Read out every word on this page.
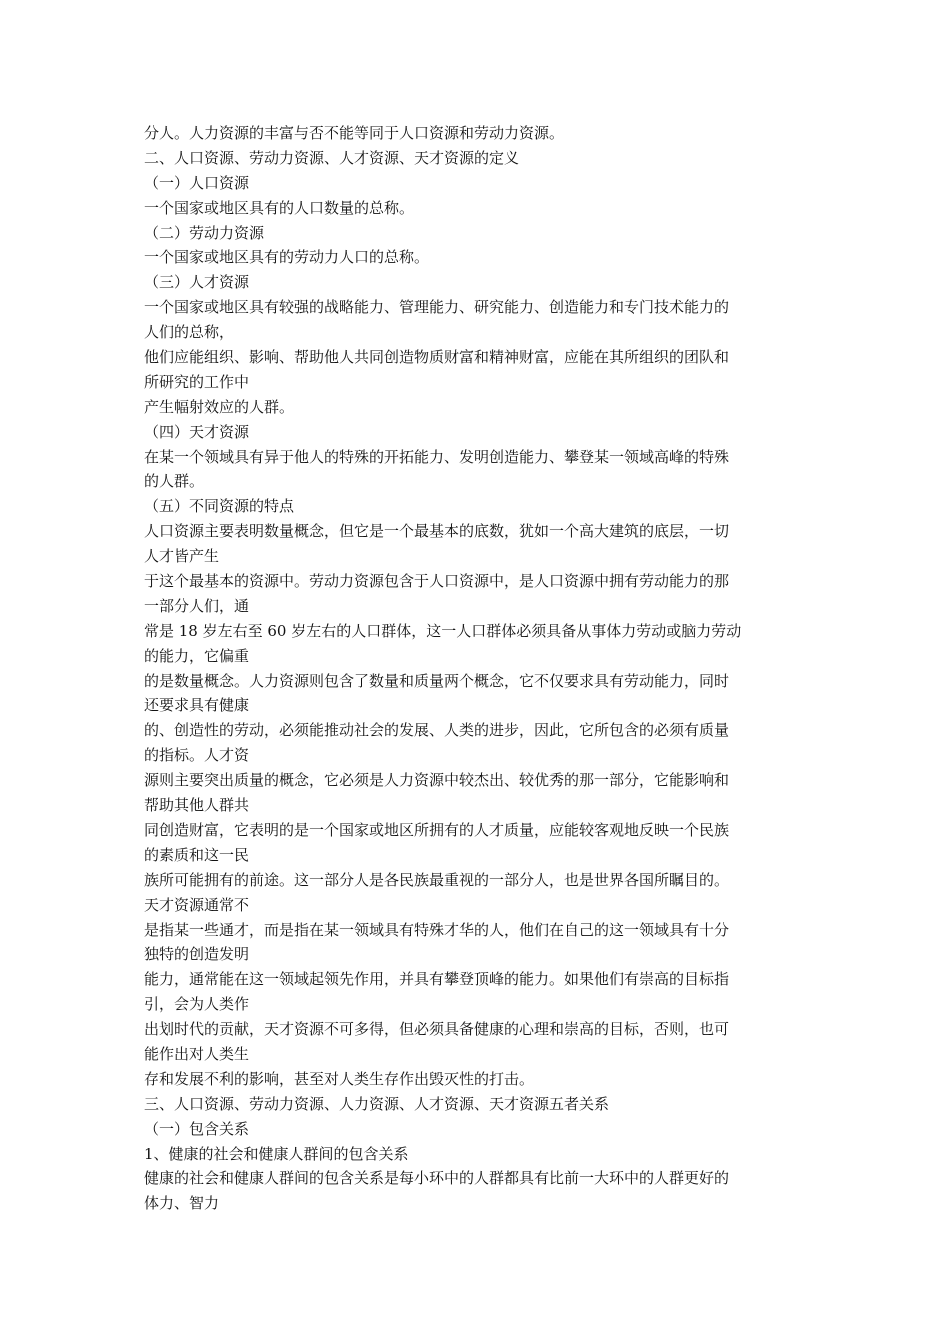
分人。人力资源的丰富与否不能等同于人口资源和劳动力资源。
二、人口资源、劳动力资源、人才资源、天才资源的定义
（一）人口资源
一个国家或地区具有的人口数量的总称。
（二）劳动力资源
一个国家或地区具有的劳动力人口的总称。
（三）人才资源
一个国家或地区具有较强的战略能力、管理能力、研究能力、创造能力和专门技术能力的
人们的总称，
他们应能组织、影响、帮助他人共同创造物质财富和精神财富，应能在其所组织的团队和
所研究的工作中
产生幅射效应的人群。
（四）天才资源
在某一个领域具有异于他人的特殊的开拓能力、发明创造能力、攀登某一领域高峰的特殊
的人群。
（五）不同资源的特点
人口资源主要表明数量概念，但它是一个最基本的底数，犹如一个高大建筑的底层，一切
人才皆产生
于这个最基本的资源中。劳动力资源包含于人口资源中，是人口资源中拥有劳动能力的那
一部分人们，通
常是 18 岁左右至 60 岁左右的人口群体，这一人口群体必须具备从事体力劳动或脑力劳动
的能力，它偏重
的是数量概念。人力资源则包含了数量和质量两个概念，它不仅要求具有劳动能力，同时
还要求具有健康
的、创造性的劳动，必须能推动社会的发展、人类的进步，因此，它所包含的必须有质量
的指标。人才资
源则主要突出质量的概念，它必须是人力资源中较杰出、较优秀的那一部分，它能影响和
帮助其他人群共
同创造财富，它表明的是一个国家或地区所拥有的人才质量，应能较客观地反映一个民族
的素质和这一民
族所可能拥有的前途。这一部分人是各民族最重视的一部分人，也是世界各国所瞩目的。
天才资源通常不
是指某一些通才，而是指在某一领域具有特殊才华的人，他们在自己的这一领域具有十分
独特的创造发明
能力，通常能在这一领域起领先作用，并具有攀登顶峰的能力。如果他们有崇高的目标指
引，会为人类作
出划时代的贡献，天才资源不可多得，但必须具备健康的心理和崇高的目标，否则，也可
能作出对人类生
存和发展不利的影响，甚至对人类生存作出毁灭性的打击。
三、人口资源、劳动力资源、人力资源、人才资源、天才资源五者关系
（一）包含关系
1、健康的社会和健康人群间的包含关系
健康的社会和健康人群间的包含关系是每小环中的人群都具有比前一大环中的人群更好的
体力、智力
